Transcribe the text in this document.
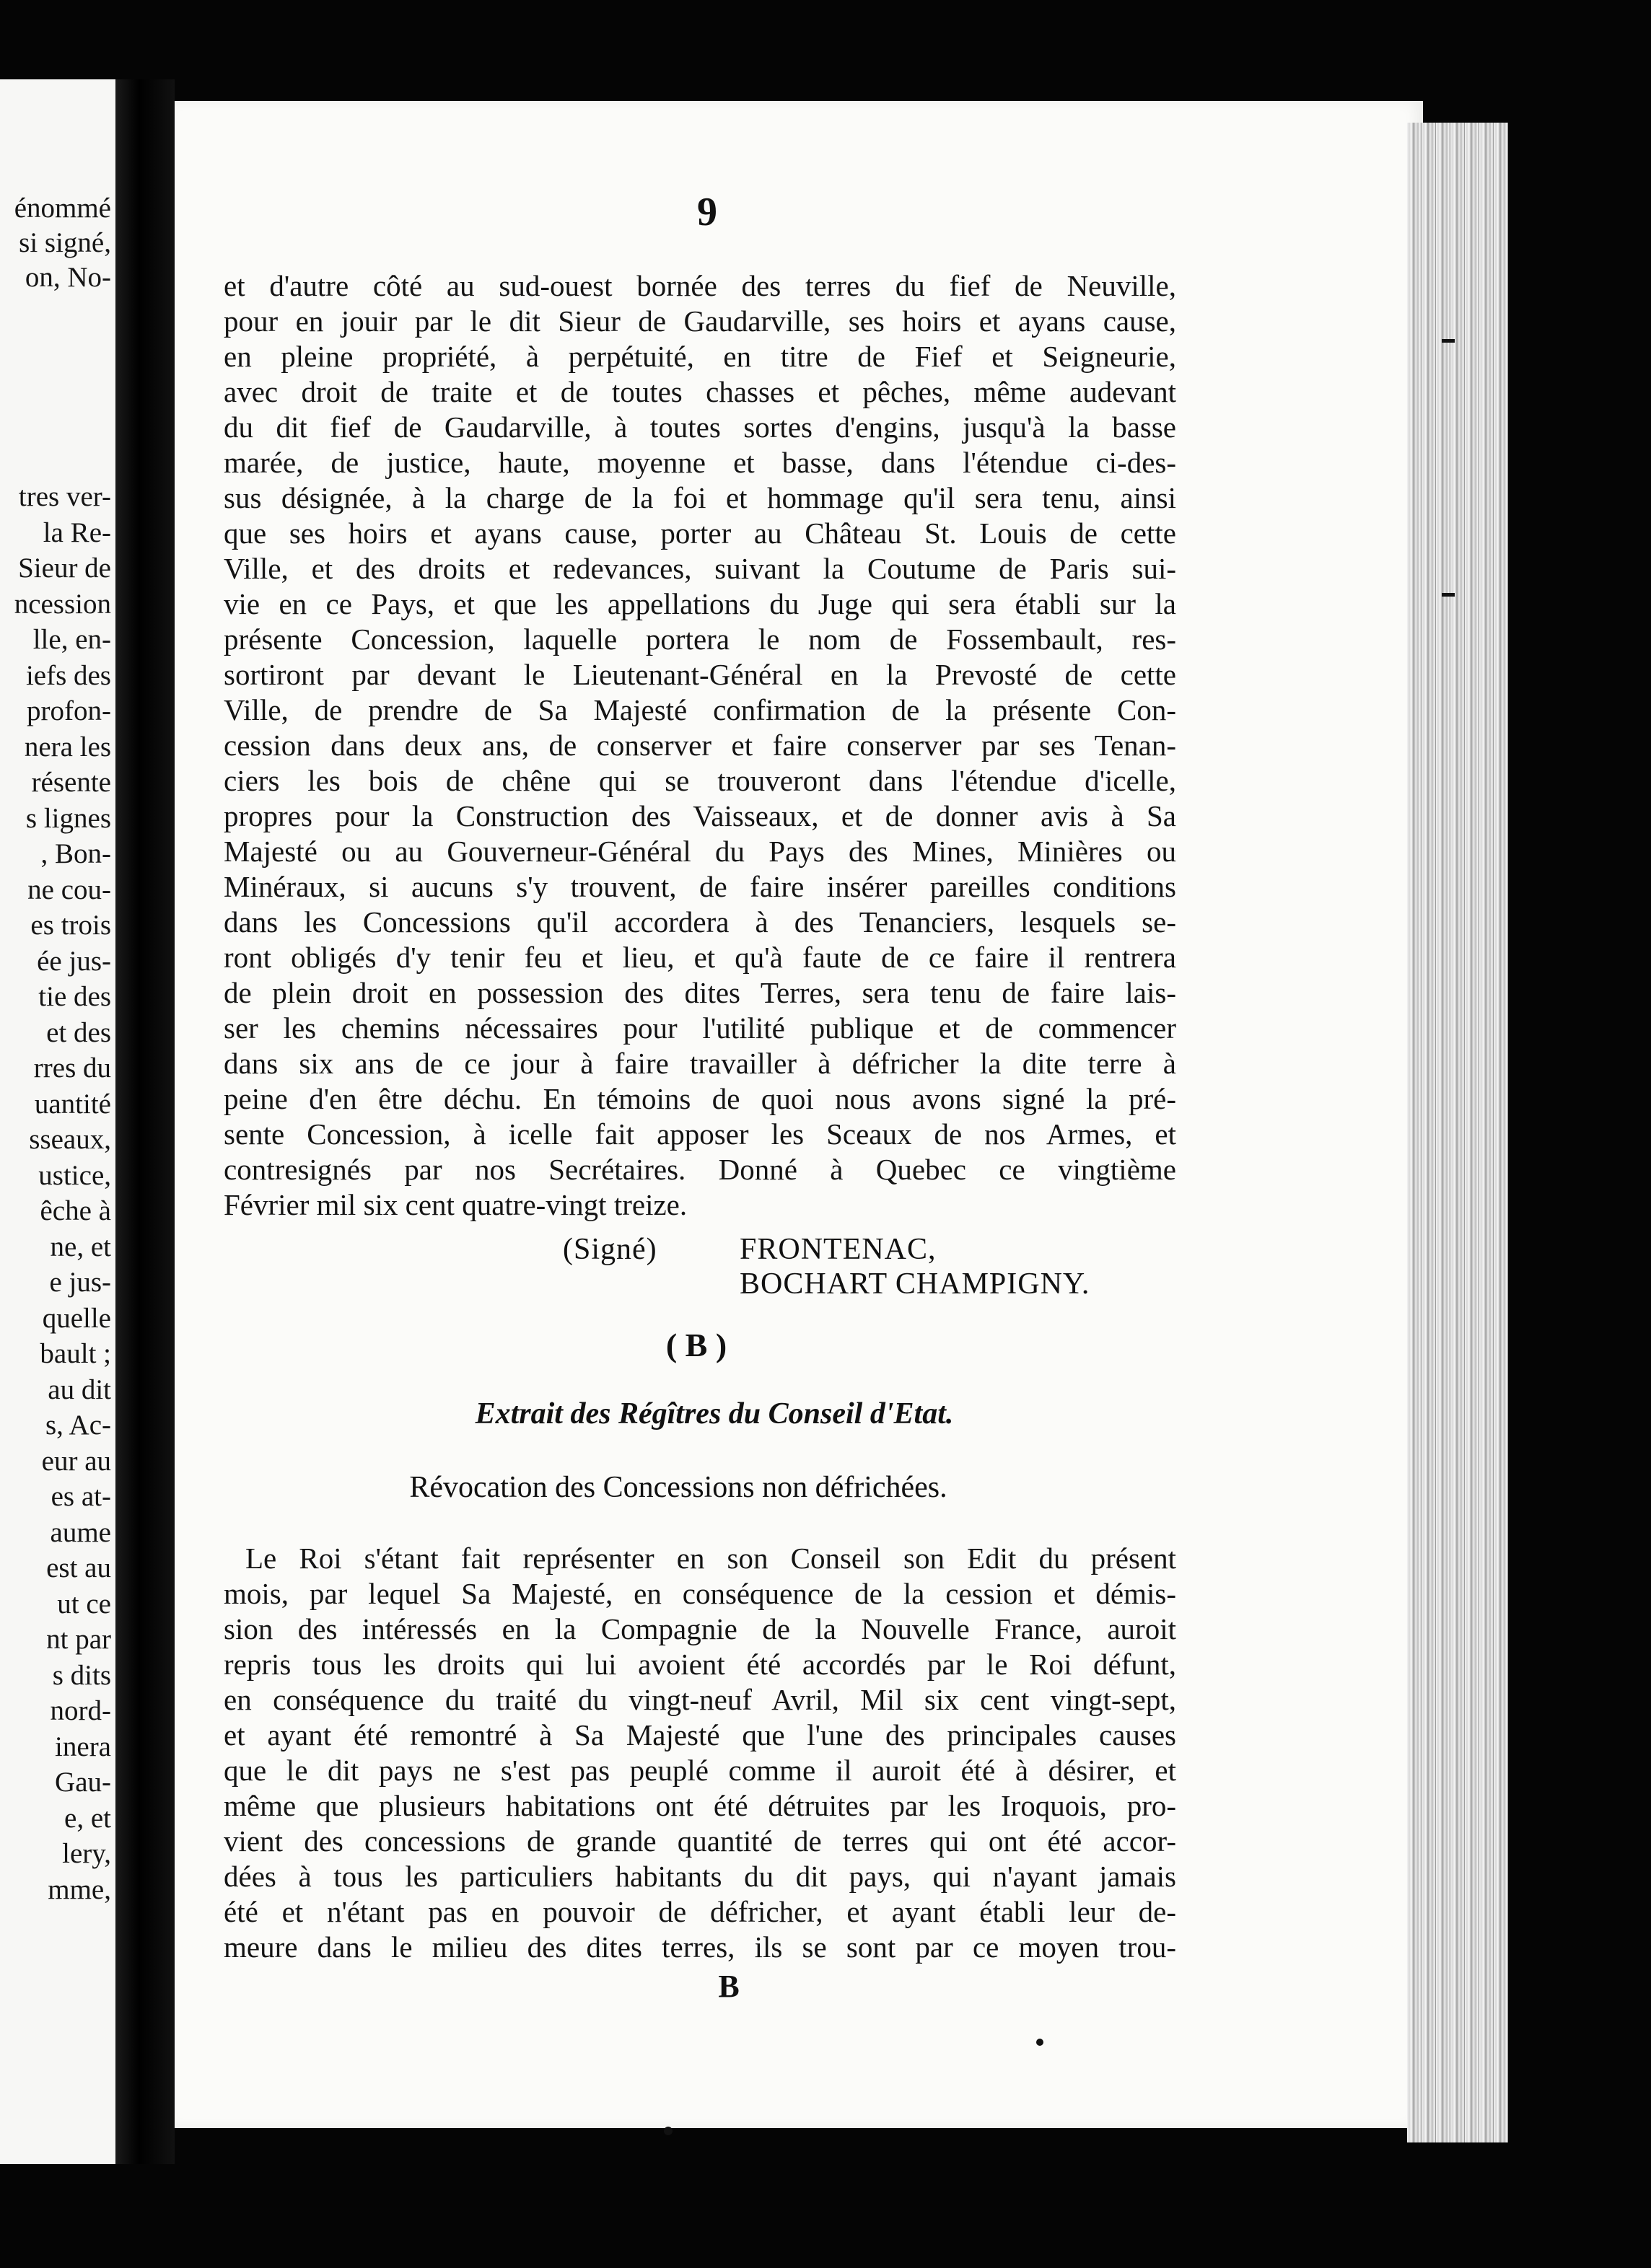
énommé
si signé,
on, No-
tres ver-
la Re-
Sieur de
ncession
lle, en-
iefs des
profon-
nera les
résente
s lignes
, Bon-
ne cou-
es trois
ée jus-
tie des
et des
rres du
uantité
sseaux,
ustice,
êche à
ne, et
e jus-
quelle
bault ;
au dit
s, Ac-
eur au
es at-
aume
est au
ut ce
nt par
s dits
nord-
inera
Gau-
e, et
lery,
mme,
9
et d'autre côté au sud-ouest bornée des terres du fief de Neuville,
pour en jouir par le dit Sieur de Gaudarville, ses hoirs et ayans cause,
en pleine propriété, à perpétuité, en titre de Fief et Seigneurie,
avec droit de traite et de toutes chasses et pêches, même audevant
du dit fief de Gaudarville, à toutes sortes d'engins, jusqu'à la basse
marée, de justice, haute, moyenne et basse, dans l'étendue ci-des-
sus désignée, à la charge de la foi et hommage qu'il sera tenu, ainsi
que ses hoirs et ayans cause, porter au Château St. Louis de cette
Ville, et des droits et redevances, suivant la Coutume de Paris sui-
vie en ce Pays, et que les appellations du Juge qui sera établi sur la
présente Concession, laquelle portera le nom de Fossembault, res-
sortiront par devant le Lieutenant-Général en la Prevosté de cette
Ville, de prendre de Sa Majesté confirmation de la présente Con-
cession dans deux ans, de conserver et faire conserver par ses Tenan-
ciers les bois de chêne qui se trouveront dans l'étendue d'icelle,
propres pour la Construction des Vaisseaux, et de donner avis à Sa
Majesté ou au Gouverneur-Général du Pays des Mines, Minières ou
Minéraux, si aucuns s'y trouvent, de faire insérer pareilles conditions
dans les Concessions qu'il accordera à des Tenanciers, lesquels se-
ront obligés d'y tenir feu et lieu, et qu'à faute de ce faire il rentrera
de plein droit en possession des dites Terres, sera tenu de faire lais-
ser les chemins nécessaires pour l'utilité publique et de commencer
dans six ans de ce jour à faire travailler à défricher la dite terre à
peine d'en être déchu. En témoins de quoi nous avons signé la pré-
sente Concession, à icelle fait apposer les Sceaux de nos Armes, et
contresignés par nos Secrétaires. Donné à Quebec ce vingtième
Février mil six cent quatre-vingt treize.
(Signé)	FRONTENAC,
BOCHART CHAMPIGNY.
( B )
Extrait des Régîtres du Conseil d'Etat.
Révocation des Concessions non défrichées.
Le Roi s'étant fait représenter en son Conseil son Edit du présent
mois, par lequel Sa Majesté, en conséquence de la cession et démis-
sion des intéressés en la Compagnie de la Nouvelle France, auroit
repris tous les droits qui lui avoient été accordés par le Roi défunt,
en conséquence du traité du vingt-neuf Avril, Mil six cent vingt-sept,
et ayant été remontré à Sa Majesté que l'une des principales causes
que le dit pays ne s'est pas peuplé comme il auroit été à désirer, et
même que plusieurs habitations ont été détruites par les Iroquois, pro-
vient des concessions de grande quantité de terres qui ont été accor-
dées à tous les particuliers habitants du dit pays, qui n'ayant jamais
été et n'étant pas en pouvoir de défricher, et ayant établi leur de-
meure dans le milieu des dites terres, ils se sont par ce moyen trou-
B
